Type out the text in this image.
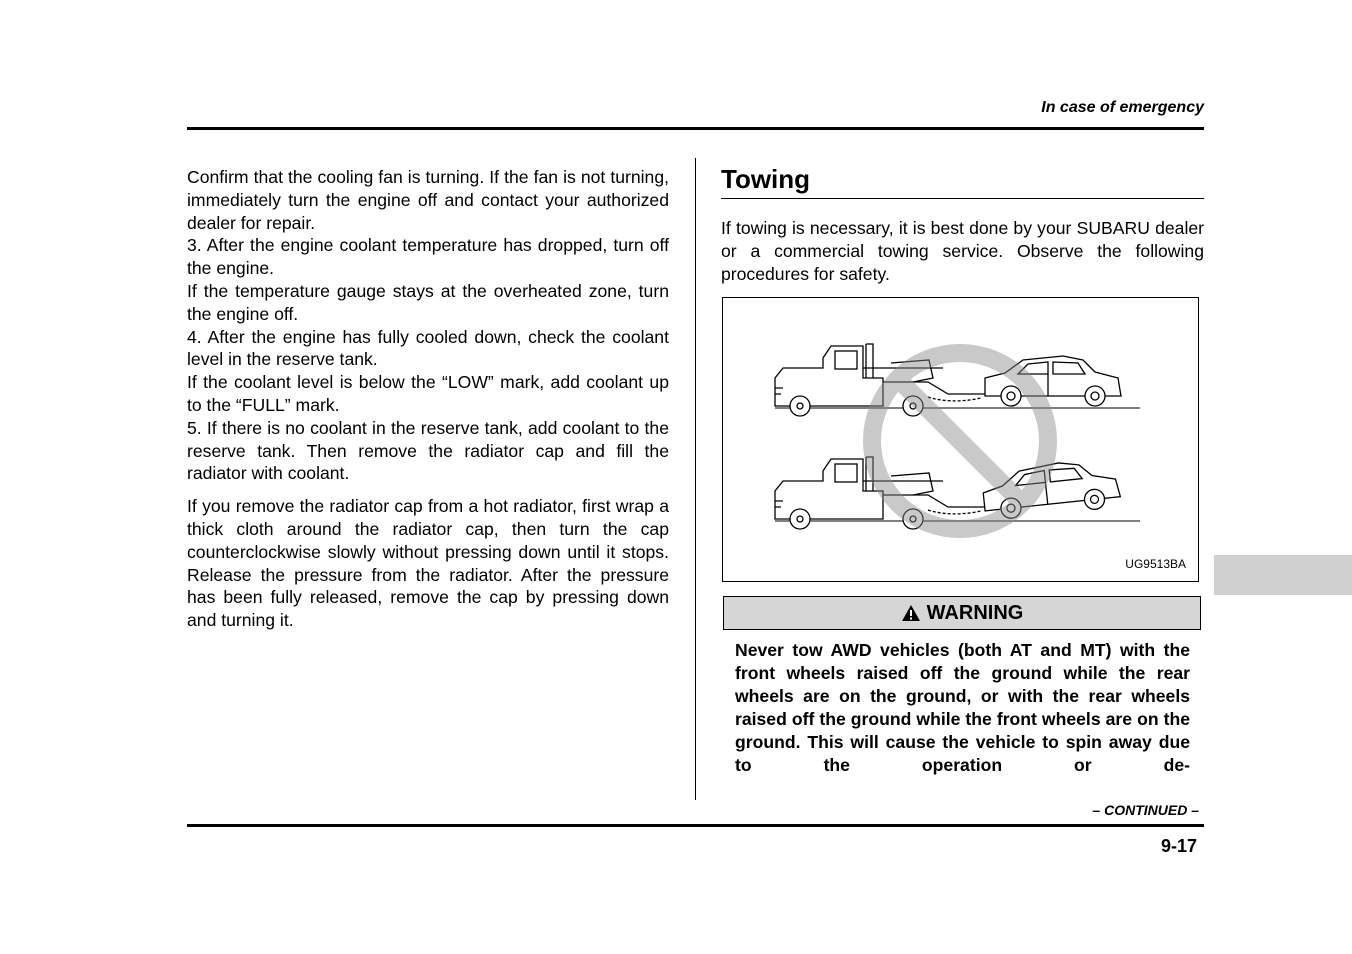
In case of emergency

Confirm that the cooling fan is turning. If the fan is not turning, immediately turn the engine off and contact your authorized dealer for repair.

3. After the engine coolant temperature has dropped, turn off the engine.

If the temperature gauge stays at the overheated zone, turn the engine off.

4. After the engine has fully cooled down, check the coolant level in the reserve tank.

If the coolant level is below the “LOW” mark, add coolant up to the “FULL” mark.

5. If there is no coolant in the reserve tank, add coolant to the reserve tank. Then remove the radiator cap and fill the radiator with coolant.

If you remove the radiator cap from a hot radiator, first wrap a thick cloth around the radiator cap, then turn the cap counterclockwise slowly without pressing down until it stops. Release the pressure from the radiator. After the pressure has been fully released, remove the cap by pressing down and turning it.

Towing

If towing is necessary, it is best done by your SUBARU dealer or a commercial towing service. Observe the following procedures for safety.

UG9513BA
WARNING

Never tow AWD vehicles (both AT and MT) with the front wheels raised off the ground while the rear wheels are on the ground, or with the rear wheels raised off the ground while the front wheels are on the ground. This will cause the vehicle to spin away due to the operation or de-

– CONTINUED –
9-17
